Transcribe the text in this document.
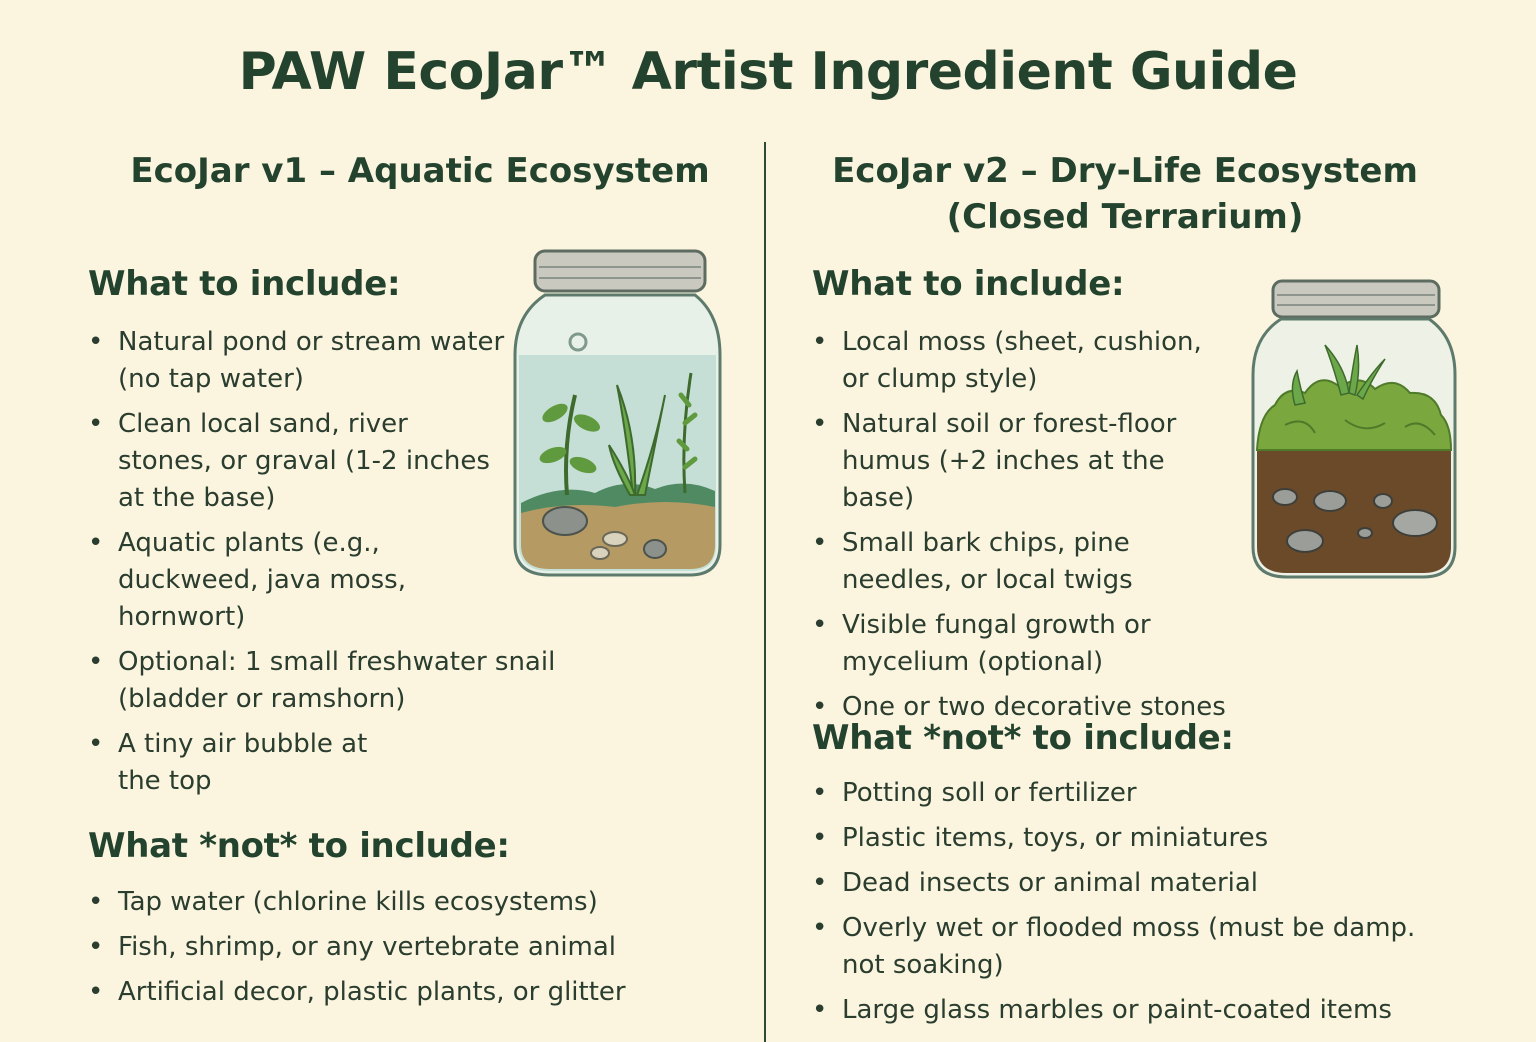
PAW EcoJar™ Artist Ingredient Guide
EcoJar v1 – Aquatic Ecosystem
What to include:
• Natural pond or stream water (no tap water)
• Clean local sand, river stones, or graval (1-2 inches at the base)
• Aquatic plants (e.g., duckweed, java moss, hornwort)
• Optional: 1 small freshwater snail (bladder or ramshorn)
• A tiny air bubble at the top
What *not* to include:
• Tap water (chlorine kills ecosystems)
• Fish, shrimp, or any vertebrate animal
• Artificial decor, plastic plants, or glitter
EcoJar v2 – Dry-Life Ecosystem
(Closed Terrarium)
What to include:
• Local moss (sheet, cushion, or clump style)
• Natural soil or forest-floor humus (+2 inches at the base)
• Small bark chips, pine needles, or local twigs
• Visible fungal growth or mycelium (optional)
• One or two decorative stones
What *not* to include:
• Potting soll or fertilizer
• Plastic items, toys, or miniatures
• Dead insects or animal material
• Overly wet or flooded moss (must be damp. not soaking)
• Large glass marbles or paint-coated items
